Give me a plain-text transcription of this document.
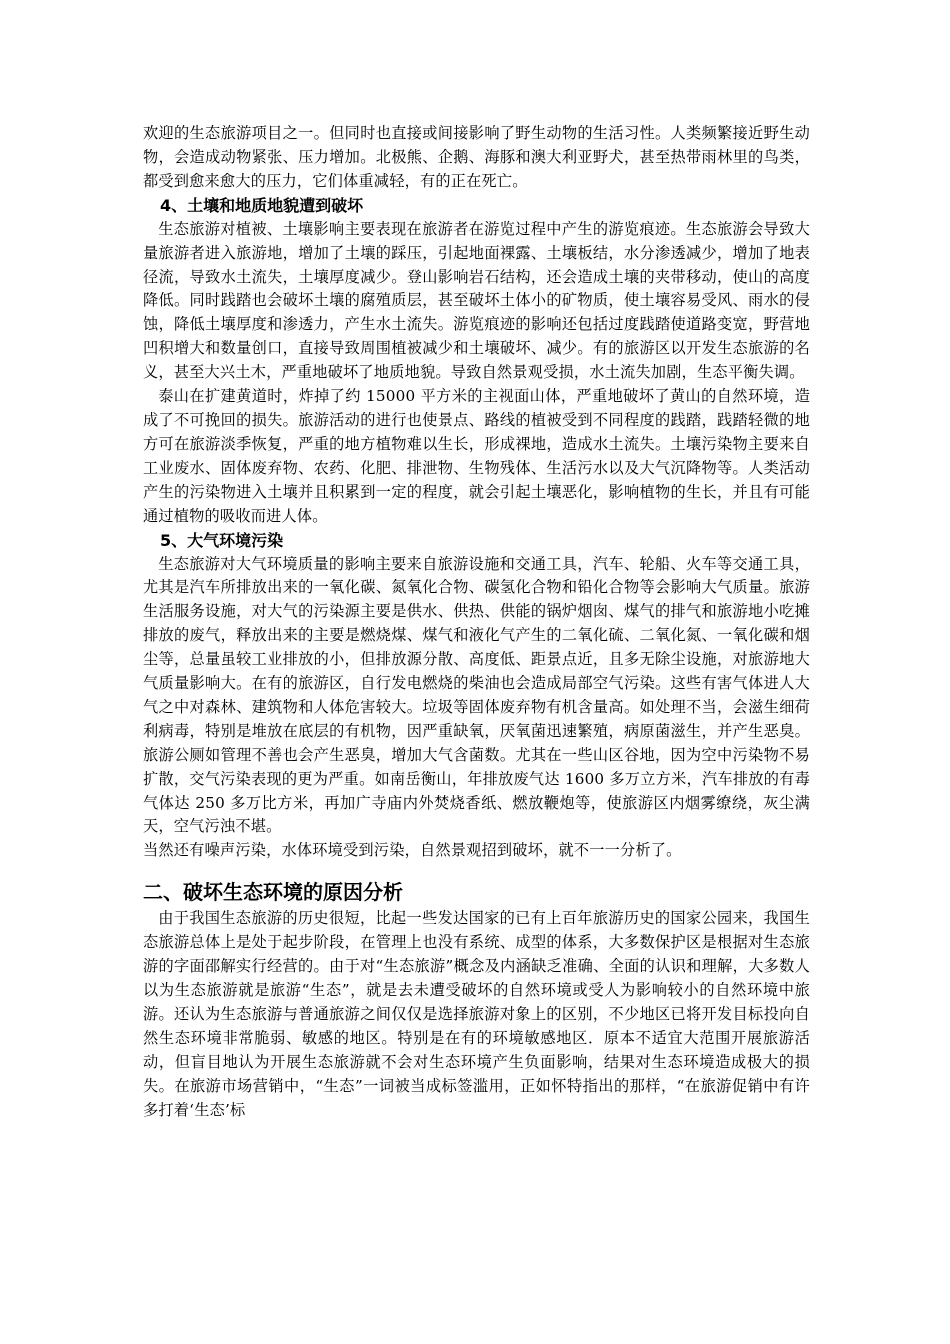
欢迎的生态旅游项目之一。但同时也直接或间接影响了野生动物的生活习性。人类频繁接近野生动物，会造成动物紧张、压力增加。北极熊、企鹅、海豚和澳大利亚野犬，甚至热带雨林里的鸟类，都受到愈来愈大的压力，它们体重减轻，有的正在死亡。

4、土壤和地质地貌遭到破坏

生态旅游对植被、土壤影响主要表现在旅游者在游览过程中产生的游览痕迹。生态旅游会导致大量旅游者进入旅游地，增加了土壤的踩压，引起地面裸露、土壤板结，水分渗透减少，增加了地表径流，导致水土流失，土壤厚度减少。登山影响岩石结构，还会造成土壤的夹带移动，使山的高度降低。同时践踏也会破坏土壤的腐殖质层，甚至破坏土体小的矿物质，使土壤容易受风、雨水的侵蚀，降低土壤厚度和渗透力，产生水土流失。游览痕迹的影响还包括过度践踏使道路变宽，野营地凹积增大和数量创口，直接导致周围植被减少和土壤破坏、减少。有的旅游区以开发生态旅游的名义，甚至大兴土木，严重地破坏了地质地貌。导致自然景观受损，水土流失加剧，生态平衡失调。

泰山在扩建黄道时，炸掉了约 15000 平方米的主视面山体，严重地破坏了黄山的自然环境，造成了不可挽回的损失。旅游活动的进行也使景点、路线的植被受到不同程度的践踏，践踏轻微的地方可在旅游淡季恢复，严重的地方植物难以生长，形成裸地，造成水土流失。土壤污染物主要来自工业废水、固体废弃物、农药、化肥、排泄物、生物残体、生活污水以及大气沉降物等。人类活动产生的污染物进入土壤并且积累到一定的程度，就会引起土壤恶化，影响植物的生长，并且有可能通过植物的吸收而进人体。

5、大气环境污染

生态旅游对大气环境质量的影响主要来自旅游设施和交通工具，汽车、轮船、火车等交通工具，尤其是汽车所排放出来的一氧化碳、氮氧化合物、碳氢化合物和铅化合物等会影响大气质量。旅游生活服务设施，对大气的污染源主要是供水、供热、供能的锅炉烟囱、煤气的排气和旅游地小吃摊排放的废气，释放出来的主要是燃烧煤、煤气和液化气产生的二氧化硫、二氧化氮、一氧化碳和烟尘等，总量虽较工业排放的小，但排放源分散、高度低、距景点近，且多无除尘设施，对旅游地大气质量影响大。在有的旅游区，自行发电燃烧的柴油也会造成局部空气污染。这些有害气体进人大气之中对森林、建筑物和人体危害较大。垃圾等固体废弃物有机含量高。如处理不当，会滋生细荷利病毒，特别是堆放在底层的有机物，因严重缺氧，厌氧菌迅速繁殖，病原菌滋生，并产生恶臭。旅游公厕如管理不善也会产生恶臭，增加大气含菌数。尤其在一些山区谷地，因为空中污染物不易扩散，交气污染表现的更为严重。如南岳衡山，年排放废气达 1600 多万立方米，汽车排放的有毒气体达 250 多万比方米，再加广寺庙内外焚烧香纸、燃放鞭炮等，使旅游区内烟雾缭绕，灰尘满天，空气污浊不堪。

当然还有噪声污染，水体环境受到污染，自然景观招到破坏，就不一一分析了。

二、破坏生态环境的原因分析

由于我国生态旅游的历史很短，比起一些发达国家的已有上百年旅游历史的国家公园来，我国生态旅游总体上是处于起步阶段，在管理上也没有系统、成型的体系，大多数保护区是根据对生态旅游的字面邵解实行经营的。由于对“生态旅游”概念及内涵缺乏准确、全面的认识和理解，大多数人以为生态旅游就是旅游“生态”，就是去未遭受破坏的自然环境或受人为影响较小的自然环境中旅游。还认为生态旅游与普通旅游之间仅仅是选择旅游对象上的区别，不少地区已将开发目标投向自然生态环境非常脆弱、敏感的地区。特别是在有的环境敏感地区．原本不适宜大范围开展旅游活动，但盲目地认为开展生态旅游就不会对生态环境产生负面影响，结果对生态环境造成极大的损失。在旅游市场营销中，“生态”一词被当成标签滥用，正如怀特指出的那样，“在旅游促销中有许多打着‘生态’标
